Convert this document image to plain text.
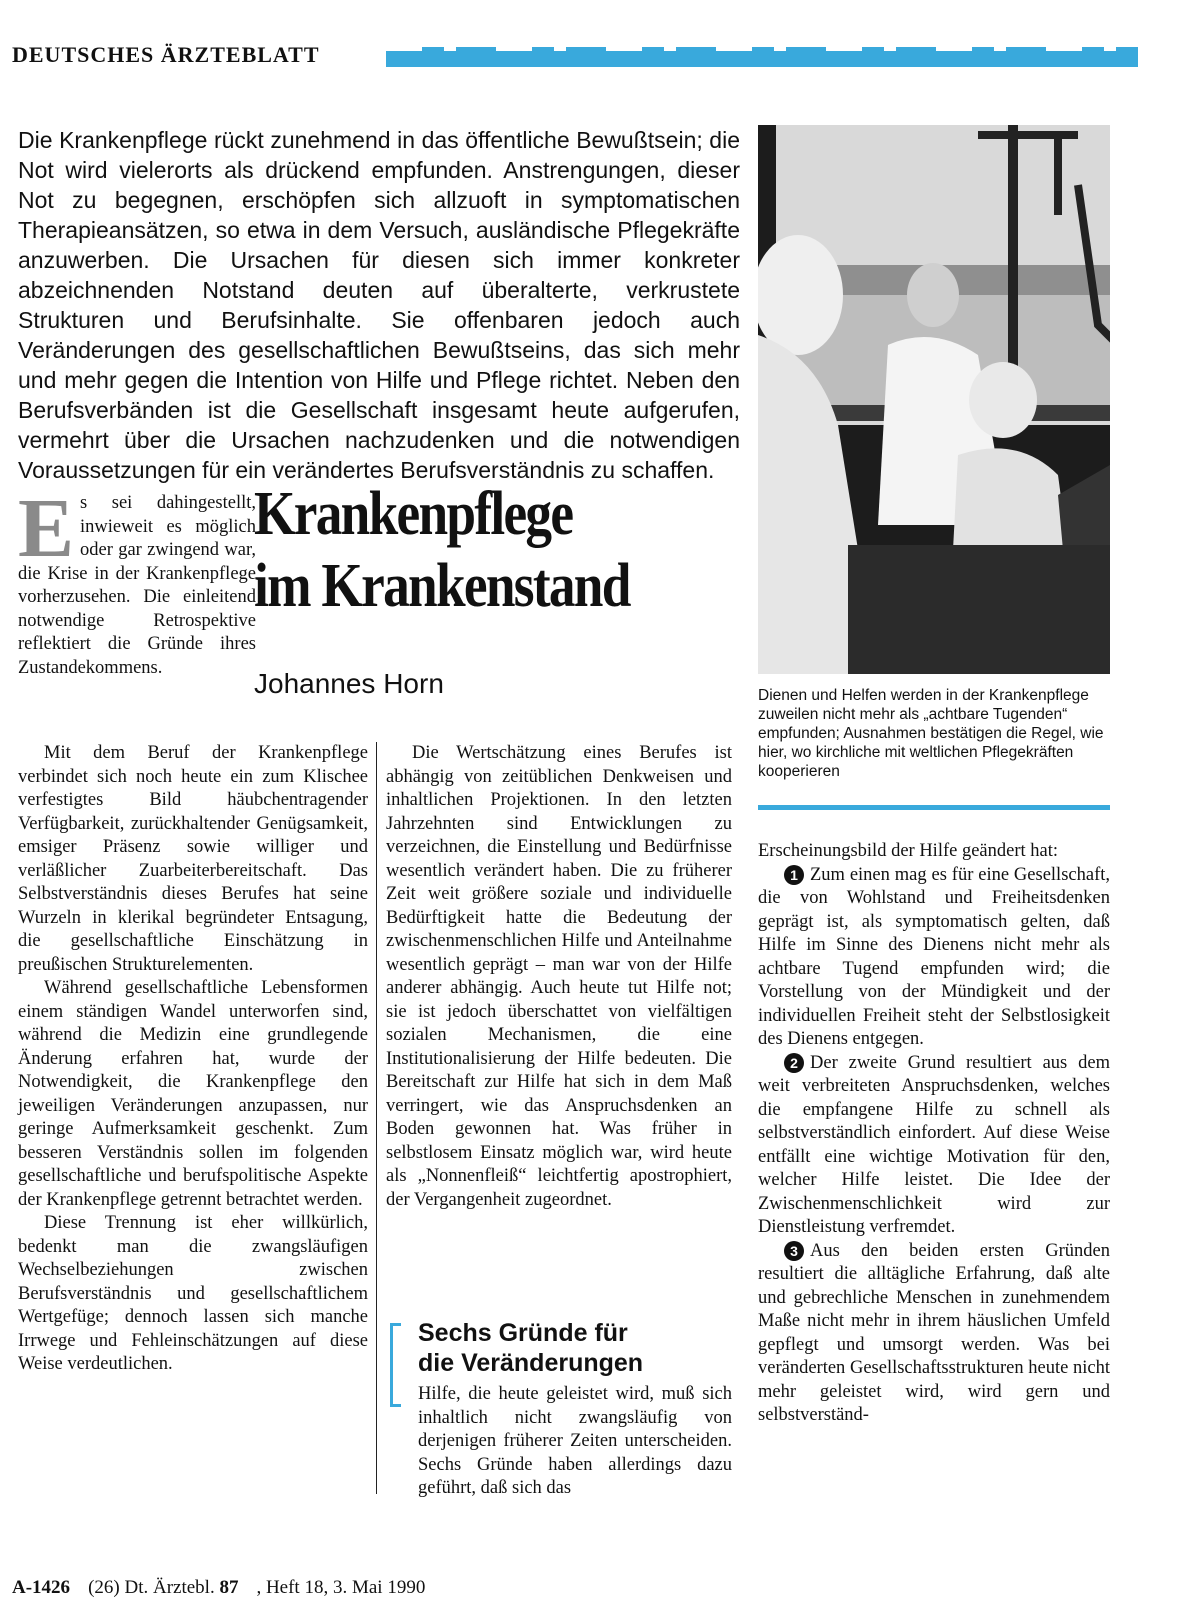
DEUTSCHES ÄRZTEBLATT
Die Krankenpflege rückt zunehmend in das öffentliche Bewußtsein; die Not wird vielerorts als drückend empfunden. Anstrengungen, dieser Not zu begegnen, erschöpfen sich allzuoft in symptomatischen Therapieansätzen, so etwa in dem Versuch, ausländische Pflegekräfte anzuwerben. Die Ursachen für diesen sich immer konkreter abzeichnenden Notstand deuten auf überalterte, verkrustete Strukturen und Berufsinhalte. Sie offenbaren jedoch auch Veränderungen des gesellschaftlichen Bewußtseins, das sich mehr und mehr gegen die Intention von Hilfe und Pflege richtet. Neben den Berufsverbänden ist die Gesellschaft insgesamt heute aufgerufen, vermehrt über die Ursachen nachzudenken und die notwendigen Voraussetzungen für ein verändertes Berufsverständnis zu schaffen.
Dienen und Helfen werden in der Krankenpflege zuweilen nicht mehr als „achtbare Tugenden“ empfunden; Ausnahmen bestätigen die Regel, wie hier, wo kirchliche mit weltlichen Pflegekräften kooperieren
E s sei dahingestellt, inwieweit es möglich oder gar zwingend war, die Krise in der Krankenpflege vorherzusehen. Die einleitend notwendige Retrospektive reflektiert die Gründe ihres Zustandekommens.
Krankenpflege
im Krankenstand
Johannes Horn

Mit dem Beruf der Krankenpflege verbindet sich noch heute ein zum Klischee verfestigtes Bild häubchentragender Verfügbarkeit, zurückhaltender Genügsamkeit, emsiger Präsenz sowie williger und verläßlicher Zuarbeiterbereitschaft. Das Selbstverständnis dieses Berufes hat seine Wurzeln in klerikal begründeter Entsagung, die gesellschaftliche Einschätzung in preußischen Strukturelementen.

Während gesellschaftliche Lebensformen einem ständigen Wandel unterworfen sind, während die Medizin eine grundlegende Änderung erfahren hat, wurde der Notwendigkeit, die Krankenpflege den jeweiligen Veränderungen anzupassen, nur geringe Aufmerksamkeit geschenkt. Zum besseren Verständnis sollen im folgenden gesellschaftliche und berufspolitische Aspekte der Krankenpflege getrennt betrachtet werden.

Diese Trennung ist eher willkürlich, bedenkt man die zwangsläufigen Wechselbeziehungen zwischen Berufsverständnis und gesellschaftlichem Wertgefüge; dennoch lassen sich manche Irrwege und Fehleinschätzungen auf diese Weise verdeutlichen.

Die Wertschätzung eines Berufes ist abhängig von zeitüblichen Denkweisen und inhaltlichen Projektionen. In den letzten Jahrzehnten sind Entwicklungen zu verzeichnen, die Einstellung und Bedürfnisse wesentlich verändert haben. Die zu früherer Zeit weit größere soziale und individuelle Bedürftigkeit hatte die Bedeutung der zwischenmenschlichen Hilfe und Anteilnahme wesentlich geprägt – man war von der Hilfe anderer abhängig. Auch heute tut Hilfe not; sie ist jedoch überschattet von vielfältigen sozialen Mechanismen, die eine Institutionalisierung der Hilfe bedeuten. Die Bereitschaft zur Hilfe hat sich in dem Maß verringert, wie das Anspruchsdenken an Boden gewonnen hat. Was früher in selbstlosem Einsatz möglich war, wird heute als „Nonnenfleiß“ leichtfertig apostrophiert, der Vergangenheit zugeordnet.

Sechs Gründe für
die Veränderungen

Hilfe, die heute geleistet wird, muß sich inhaltlich nicht zwangsläufig von derjenigen früherer Zeiten unterscheiden. Sechs Gründe haben allerdings dazu geführt, daß sich das

Erscheinungsbild der Hilfe geändert hat:

1 Zum einen mag es für eine Gesellschaft, die von Wohlstand und Freiheitsdenken geprägt ist, als symptomatisch gelten, daß Hilfe im Sinne des Dienens nicht mehr als achtbare Tugend empfunden wird; die Vorstellung von der Mündigkeit und der individuellen Freiheit steht der Selbstlosigkeit des Dienens entgegen.

2 Der zweite Grund resultiert aus dem weit verbreiteten Anspruchsdenken, welches die empfangene Hilfe zu schnell als selbstverständlich einfordert. Auf diese Weise entfällt eine wichtige Motivation für den, welcher Hilfe leistet. Die Idee der Zwischenmenschlichkeit wird zur Dienstleistung verfremdet.

3 Aus den beiden ersten Gründen resultiert die alltägliche Erfahrung, daß alte und gebrechliche Menschen in zunehmendem Maße nicht mehr in ihrem häuslichen Umfeld gepflegt und umsorgt werden. Was bei veränderten Gesellschaftsstrukturen heute nicht mehr geleistet wird, wird gern und selbstverständ-

A-1426 (26) Dt. Ärztebl. 87 , Heft 18, 3. Mai 1990
